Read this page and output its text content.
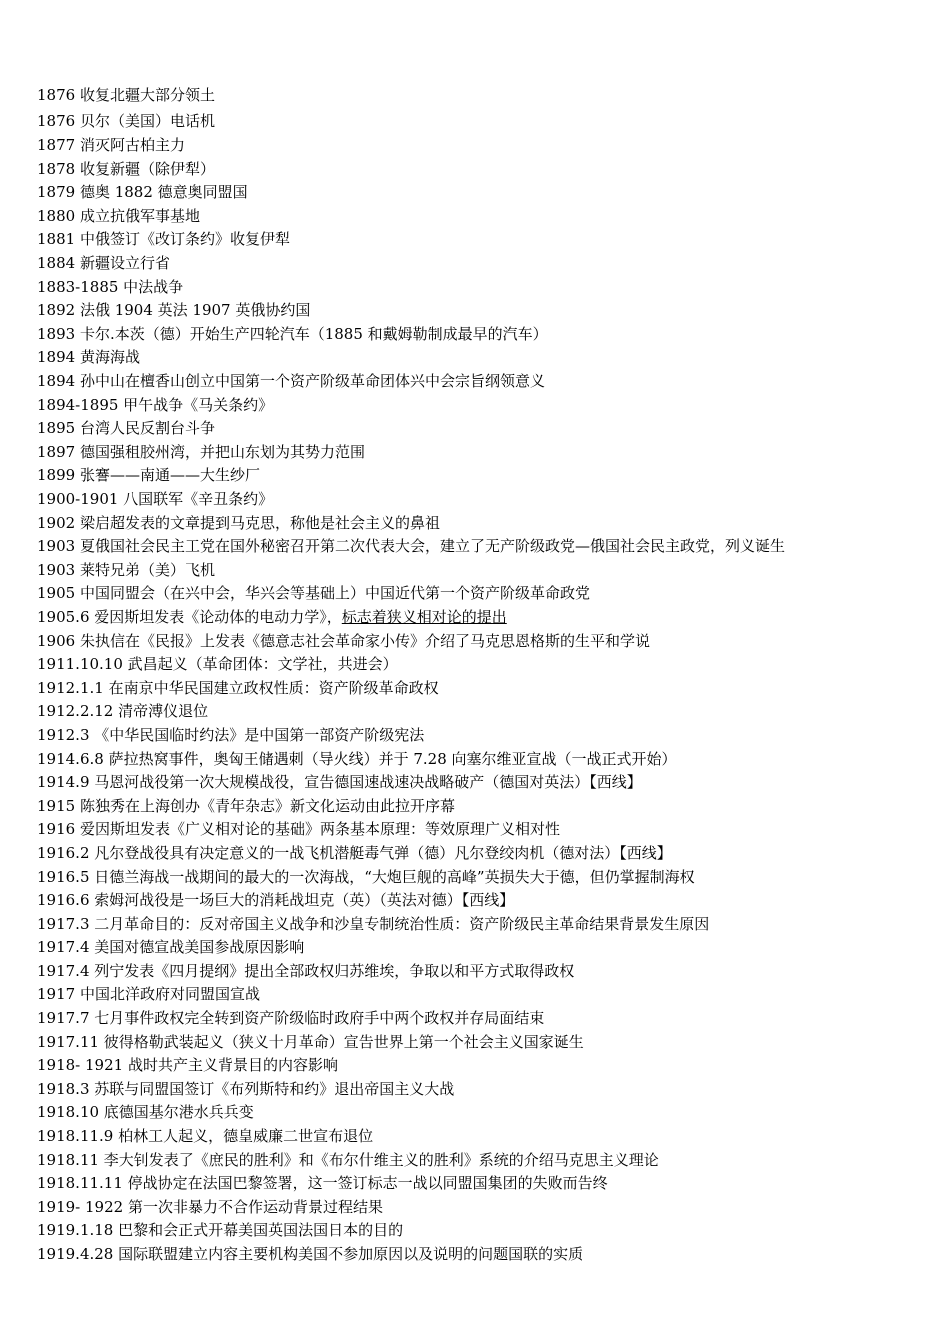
1876 收复北疆大部分领土
1876 贝尔（美国）电话机
1877 消灭阿古柏主力
1878 收复新疆（除伊犁）
1879 德奥 1882 德意奥同盟国
1880 成立抗俄军事基地
1881 中俄签订《改订条约》收复伊犁
1884 新疆设立行省
1883-1885 中法战争
1892 法俄 1904 英法 1907 英俄协约国
1893 卡尔.本茨（德）开始生产四轮汽车（1885 和戴姆勒制成最早的汽车）
1894 黄海海战
1894 孙中山在檀香山创立中国第一个资产阶级革命团体兴中会宗旨纲领意义
1894-1895 甲午战争《马关条约》
1895 台湾人民反割台斗争
1897 德国强租胶州湾，并把山东划为其势力范围
1899 张謇——南通——大生纱厂
1900-1901 八国联军《辛丑条约》
1902 梁启超发表的文章提到马克思，称他是社会主义的鼻祖
1903 夏俄国社会民主工党在国外秘密召开第二次代表大会，建立了无产阶级政党—俄国社会民主政党，列义诞生
1903 莱特兄弟（美）飞机
1905 中国同盟会（在兴中会，华兴会等基础上）中国近代第一个资产阶级革命政党
1905.6 爱因斯坦发表《论动体的电动力学》，标志着狭义相对论的提出
1906 朱执信在《民报》上发表《德意志社会革命家小传》介绍了马克思恩格斯的生平和学说
1911.10.10 武昌起义（革命团体：文学社，共进会）
1912.1.1 在南京中华民国建立政权性质：资产阶级革命政权
1912.2.12 清帝溥仪退位
1912.3 《中华民国临时约法》是中国第一部资产阶级宪法
1914.6.8 萨拉热窝事件，奥匈王储遇刺（导火线）并于 7.28 向塞尔维亚宣战（一战正式开始）
1914.9 马恩河战役第一次大规模战役，宣告德国速战速决战略破产（德国对英法）【西线】
1915 陈独秀在上海创办《青年杂志》新文化运动由此拉开序幕
1916 爱因斯坦发表《广义相对论的基础》两条基本原理：等效原理广义相对性
1916.2 凡尔登战役具有决定意义的一战飞机潜艇毒气弹（德）凡尔登绞肉机（德对法）【西线】
1916.5 日德兰海战一战期间的最大的一次海战，“大炮巨舰的高峰”英损失大于德，但仍掌握制海权
1916.6 索姆河战役是一场巨大的消耗战坦克（英）（英法对德）【西线】
1917.3 二月革命目的：反对帝国主义战争和沙皇专制统治性质：资产阶级民主革命结果背景发生原因
1917.4 美国对德宣战美国参战原因影响
1917.4 列宁发表《四月提纲》提出全部政权归苏维埃，争取以和平方式取得政权
1917 中国北洋政府对同盟国宣战
1917.7 七月事件政权完全转到资产阶级临时政府手中两个政权并存局面结束
1917.11 彼得格勒武装起义（狭义十月革命）宣告世界上第一个社会主义国家诞生
1918- 1921 战时共产主义背景目的内容影响
1918.3 苏联与同盟国签订《布列斯特和约》退出帝国主义大战
1918.10 底德国基尔港水兵兵变
1918.11.9 柏林工人起义，德皇威廉二世宣布退位
1918.11 李大钊发表了《庶民的胜利》和《布尔什维主义的胜利》系统的介绍马克思主义理论
1918.11.11 停战协定在法国巴黎签署，这一签订标志一战以同盟国集团的失败而告终
1919- 1922 第一次非暴力不合作运动背景过程结果
1919.1.18 巴黎和会正式开幕美国英国法国日本的目的
1919.4.28 国际联盟建立内容主要机构美国不参加原因以及说明的问题国联的实质
